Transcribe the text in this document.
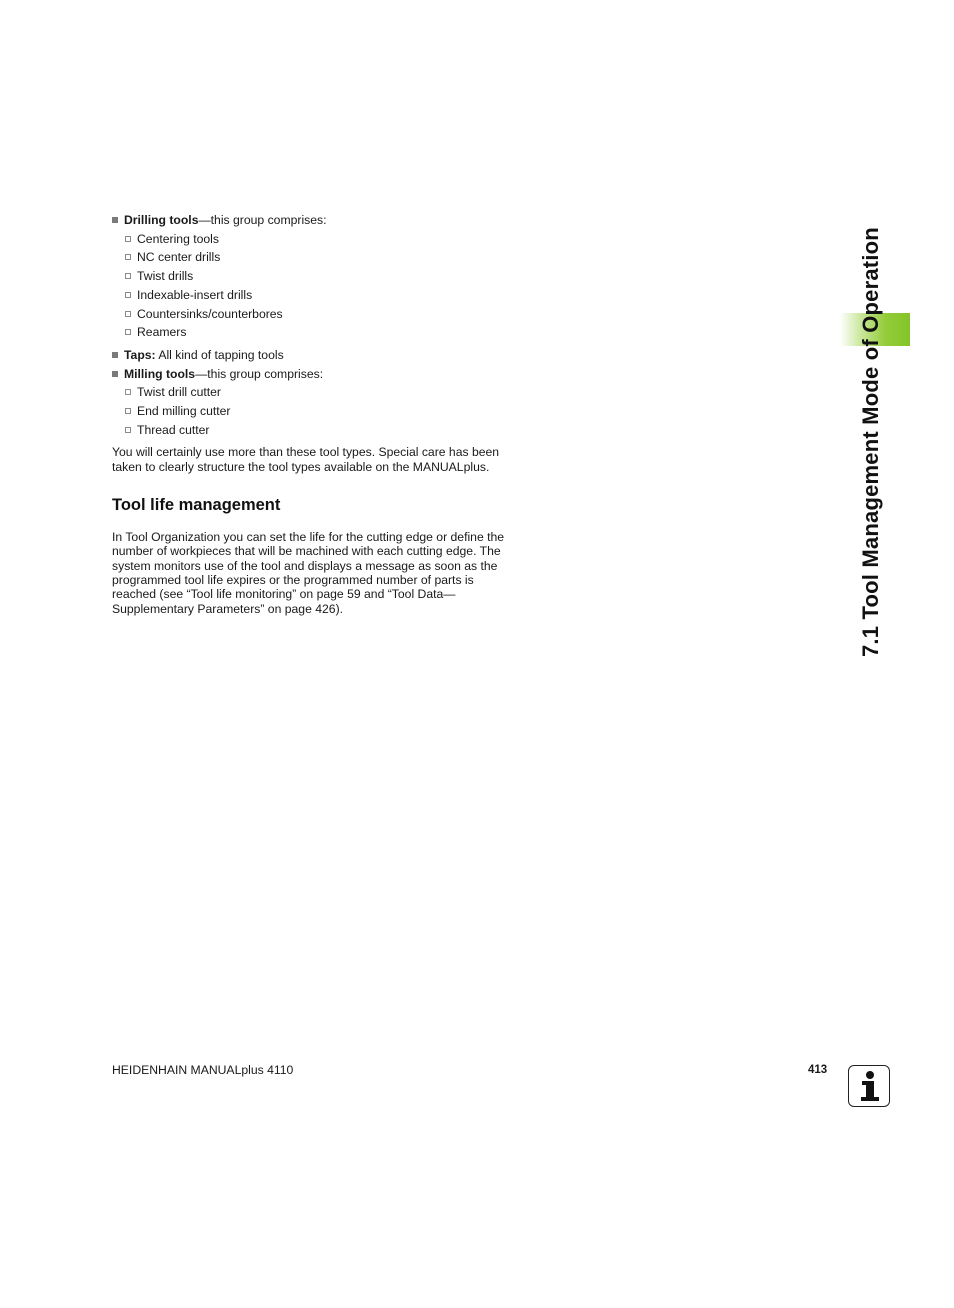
Drilling tools—this group comprises:
Centering tools
NC center drills
Twist drills
Indexable-insert drills
Countersinks/counterbores
Reamers
Taps: All kind of tapping tools
Milling tools—this group comprises:
Twist drill cutter
End milling cutter
Thread cutter

You will certainly use more than these tool types. Special care has been taken to clearly structure the tool types available on the MANUALplus.

Tool life management

In Tool Organization you can set the life for the cutting edge or define the number of workpieces that will be machined with each cutting edge. The system monitors use of the tool and displays a message as soon as the programmed tool life expires or the programmed number of parts is reached (see “Tool life monitoring” on page 59 and “Tool Data— Supplementary Parameters” on page 426).	7.1 Tool Management Mode of Operation
HEIDENHAIN MANUALplus 4110	413
